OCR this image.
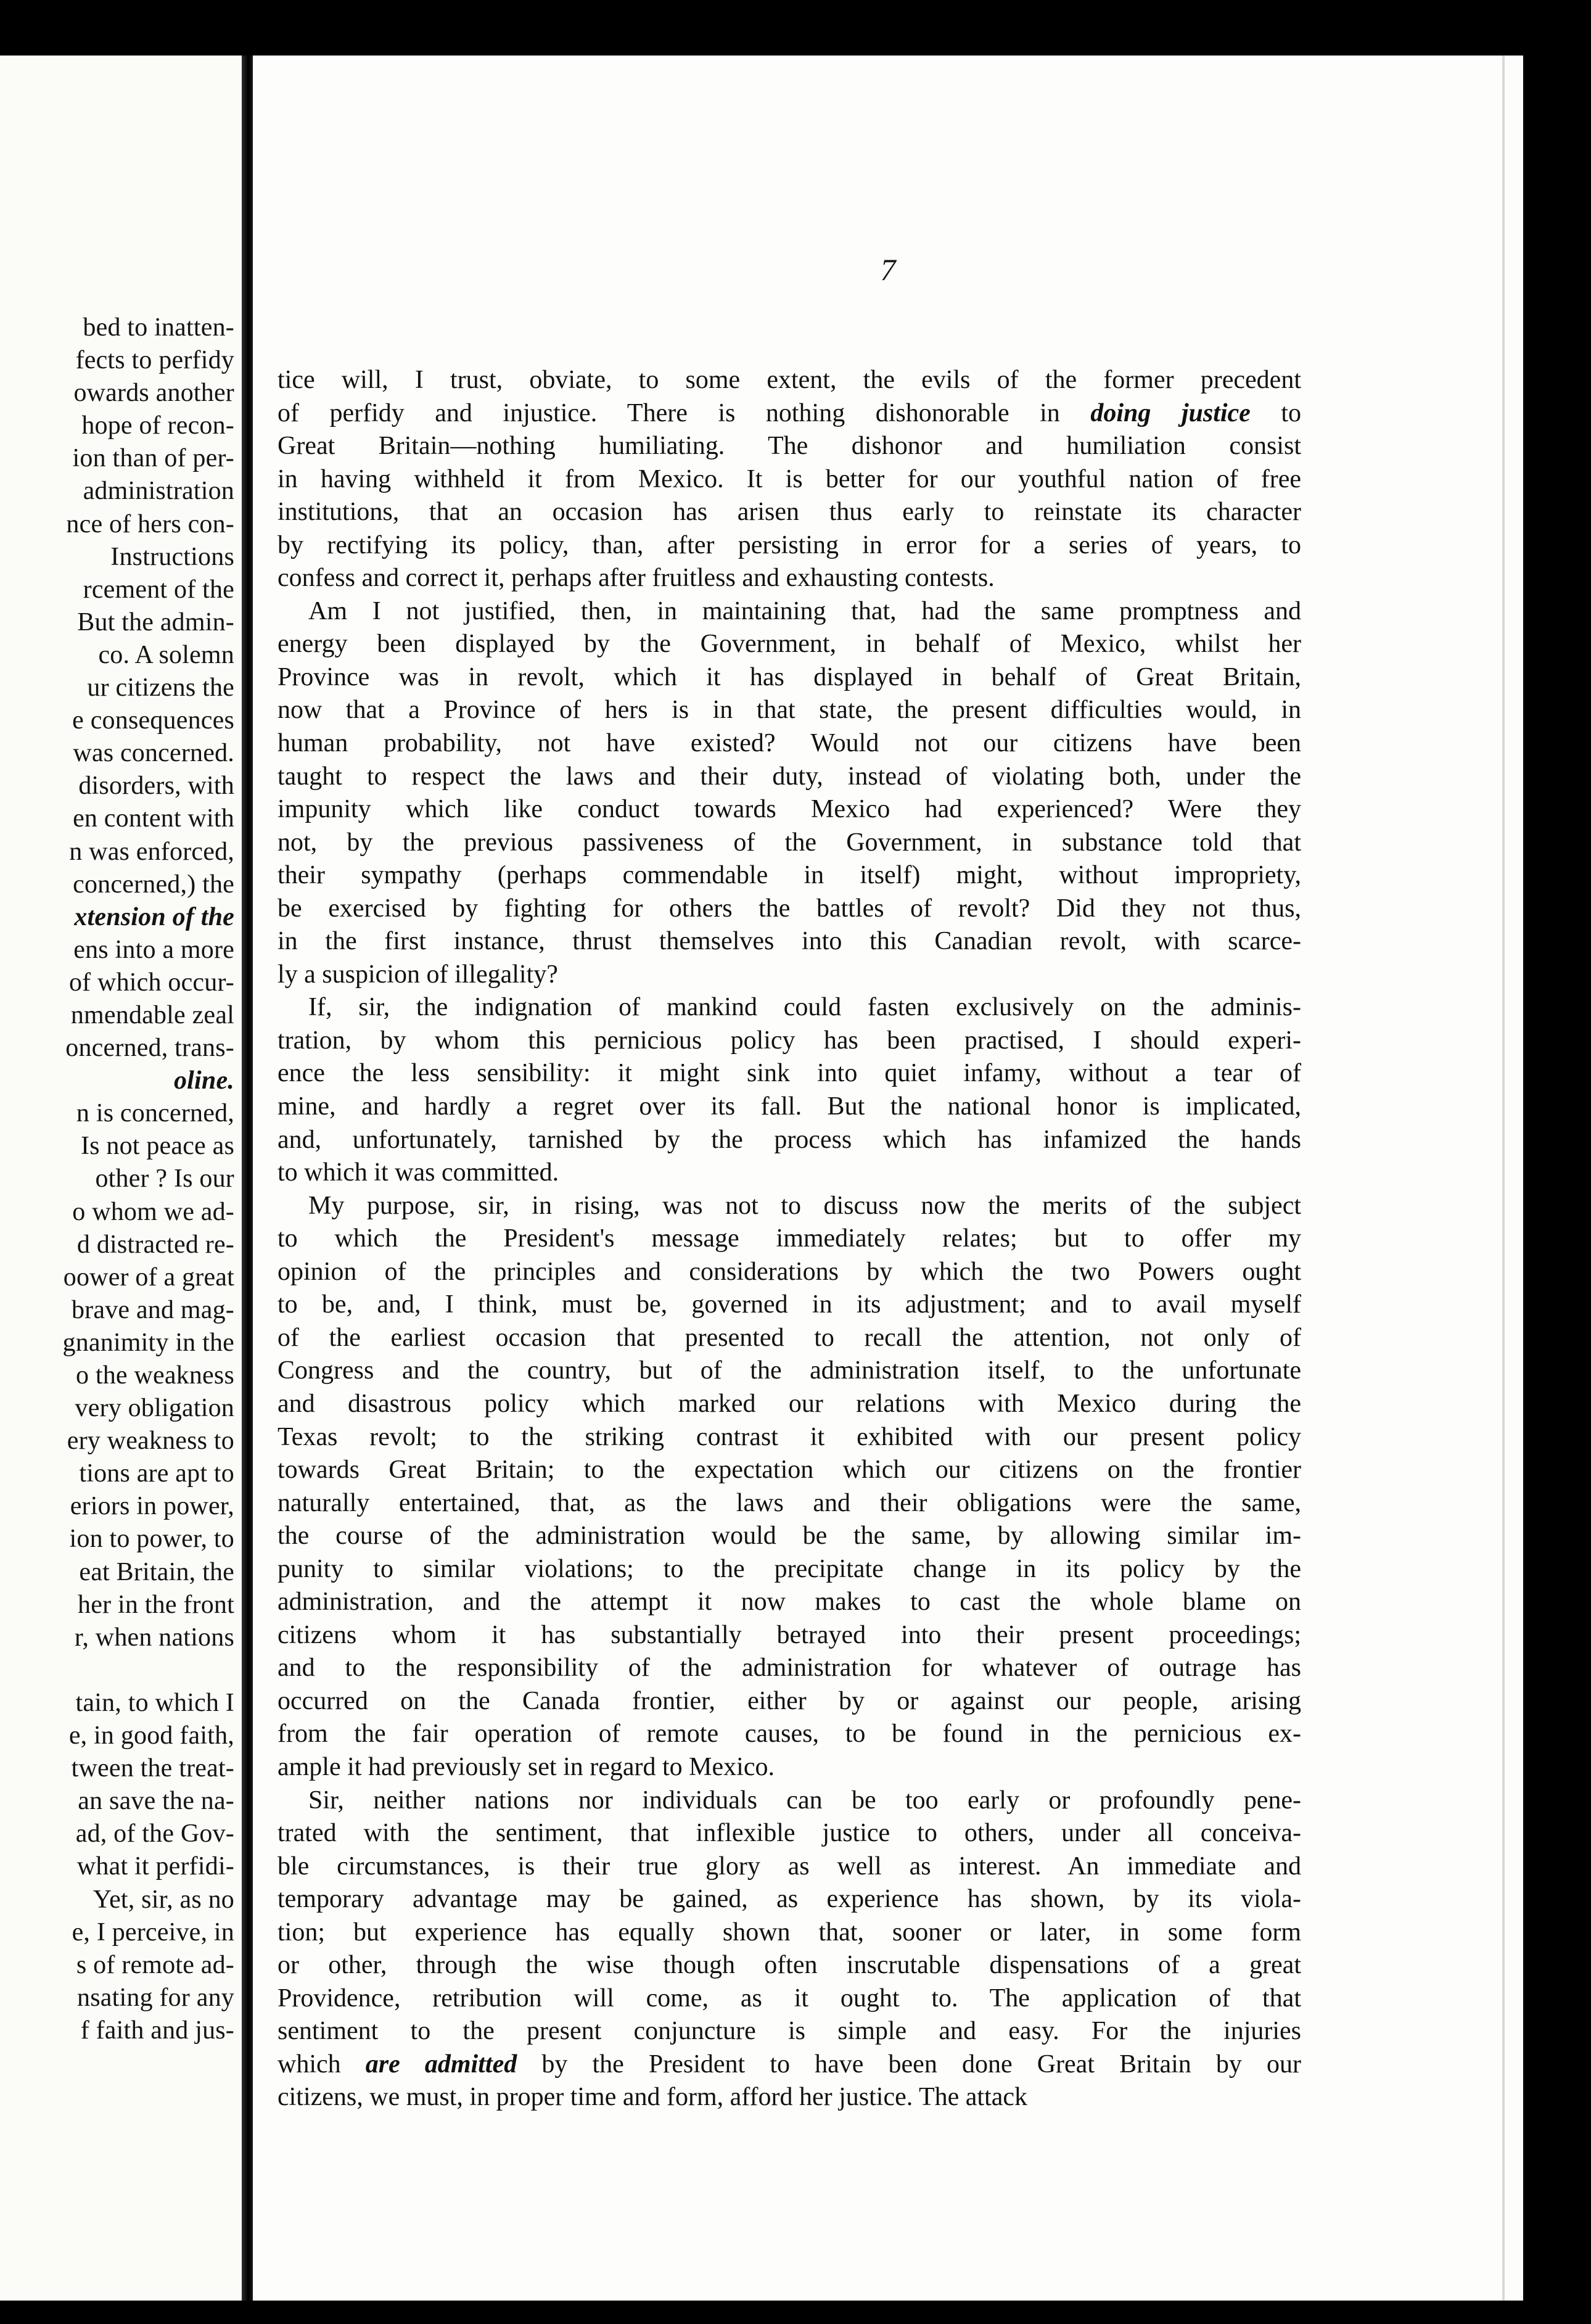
bed to inatten-
fects to perfidy
owards another
hope of recon-
ion than of per-
administration
nce of hers con-
Instructions
rcement of the
But the admin-
co. A solemn
ur citizens the
e consequences
was concerned.
disorders, with
en content with
n was enforced,
concerned,) the
xtension of the
ens into a more
of which occur-
nmendable zeal
oncerned, trans-
oline.
n is concerned,
Is not peace as
other ? Is our
o whom we ad-
d distracted re-
oower of a great
brave and mag-
gnanimity in the
o the weakness
very obligation
ery weakness to
tions are apt to
eriors in power,
ion to power, to
eat Britain, the
her in the front
r, when nations
tain, to which I
e, in good faith,
tween the treat-
an save the na-
ad, of the Gov-
what it perfidi-
Yet, sir, as no
e, I perceive, in
s of remote ad-
nsating for any
f faith and jus-
7
tice will, I trust, obviate, to some extent, the evils of the former precedent
of perfidy and injustice. There is nothing dishonorable in doing justice to
Great Britain—nothing humiliating. The dishonor and humiliation consist
in having withheld it from Mexico. It is better for our youthful nation of free
institutions, that an occasion has arisen thus early to reinstate its character
by rectifying its policy, than, after persisting in error for a series of years, to
confess and correct it, perhaps after fruitless and exhausting contests.
Am I not justified, then, in maintaining that, had the same promptness and
energy been displayed by the Government, in behalf of Mexico, whilst her
Province was in revolt, which it has displayed in behalf of Great Britain,
now that a Province of hers is in that state, the present difficulties would, in
human probability, not have existed? Would not our citizens have been
taught to respect the laws and their duty, instead of violating both, under the
impunity which like conduct towards Mexico had experienced? Were they
not, by the previous passiveness of the Government, in substance told that
their sympathy (perhaps commendable in itself) might, without impropriety,
be exercised by fighting for others the battles of revolt? Did they not thus,
in the first instance, thrust themselves into this Canadian revolt, with scarce-
ly a suspicion of illegality?
If, sir, the indignation of mankind could fasten exclusively on the adminis-
tration, by whom this pernicious policy has been practised, I should experi-
ence the less sensibility: it might sink into quiet infamy, without a tear of
mine, and hardly a regret over its fall. But the national honor is implicated,
and, unfortunately, tarnished by the process which has infamized the hands
to which it was committed.
My purpose, sir, in rising, was not to discuss now the merits of the subject
to which the President's message immediately relates; but to offer my
opinion of the principles and considerations by which the two Powers ought
to be, and, I think, must be, governed in its adjustment; and to avail myself
of the earliest occasion that presented to recall the attention, not only of
Congress and the country, but of the administration itself, to the unfortunate
and disastrous policy which marked our relations with Mexico during the
Texas revolt; to the striking contrast it exhibited with our present policy
towards Great Britain; to the expectation which our citizens on the frontier
naturally entertained, that, as the laws and their obligations were the same,
the course of the administration would be the same, by allowing similar im-
punity to similar violations; to the precipitate change in its policy by the
administration, and the attempt it now makes to cast the whole blame on
citizens whom it has substantially betrayed into their present proceedings;
and to the responsibility of the administration for whatever of outrage has
occurred on the Canada frontier, either by or against our people, arising
from the fair operation of remote causes, to be found in the pernicious ex-
ample it had previously set in regard to Mexico.
Sir, neither nations nor individuals can be too early or profoundly pene-
trated with the sentiment, that inflexible justice to others, under all conceiva-
ble circumstances, is their true glory as well as interest. An immediate and
temporary advantage may be gained, as experience has shown, by its viola-
tion; but experience has equally shown that, sooner or later, in some form
or other, through the wise though often inscrutable dispensations of a great
Providence, retribution will come, as it ought to. The application of that
sentiment to the present conjuncture is simple and easy. For the injuries
which are admitted by the President to have been done Great Britain by our
citizens, we must, in proper time and form, afford her justice. The attack
